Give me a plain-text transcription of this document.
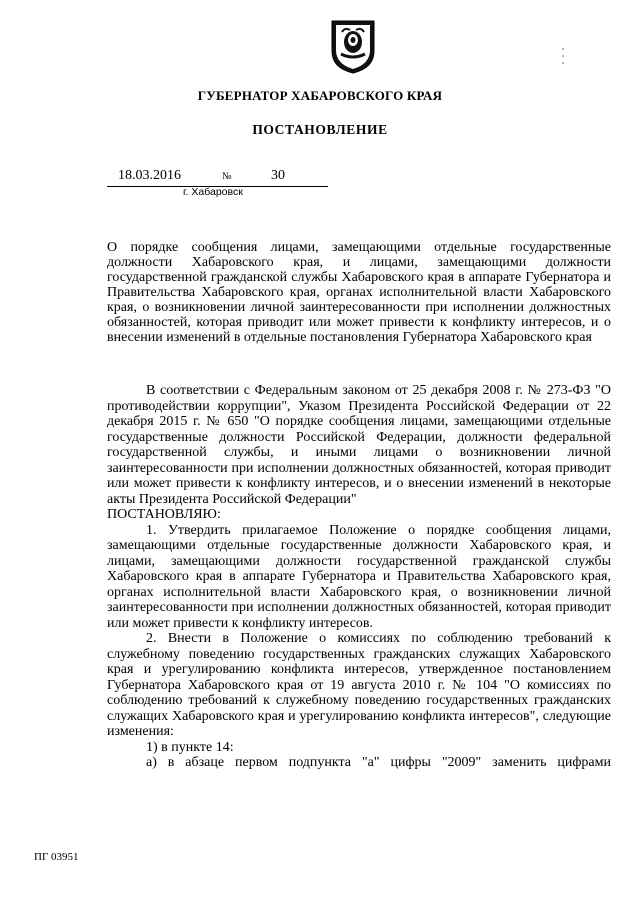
ГУБЕРНАТОР ХАБАРОВСКОГО КРАЯ
ПОСТАНОВЛЕНИЕ
18.03.2016	№	30
г. Хабаровск
О порядке сообщения лицами, замещающими отдельные государственные должности Хабаровского края, и лицами, замещающими должности государственной гражданской службы Хабаровского края в аппарате Губернатора и Правительства Хабаровского края, органах исполнительной власти Хабаровского края, о возникновении личной заинтересованности при исполнении должностных обязанностей, которая приводит или может привести к конфликту интересов, и о внесении изменений в отдельные постановления Губернатора Хабаровского края

В соответствии с Федеральным законом от 25 декабря 2008 г. № 273-ФЗ "О противодействии коррупции", Указом Президента Российской Федерации от 22 декабря 2015 г. № 650 "О порядке сообщения лицами, замещающими отдельные государственные должности Российской Федерации, должности федеральной государственной службы, и иными лицами о возникновении личной заинтересованности при исполнении должностных обязанностей, которая приводит или может привести к конфликту интересов, и о внесении изменений в некоторые акты Президента Российской Федерации"

ПОСТАНОВЛЯЮ:

1. Утвердить прилагаемое Положение о порядке сообщения лицами, замещающими отдельные государственные должности Хабаровского края, и лицами, замещающими должности государственной гражданской службы Хабаровского края в аппарате Губернатора и Правительства Хабаровского края, органах исполнительной власти Хабаровского края, о возникновении личной заинтересованности при исполнении должностных обязанностей, которая приводит или может привести к конфликту интересов.

2. Внести в Положение о комиссиях по соблюдению требований к служебному поведению государственных гражданских служащих Хабаровского края и урегулированию конфликта интересов, утвержденное постановлением Губернатора Хабаровского края от 19 августа 2010 г. № 104 "О комиссиях по соблюдению требований к служебному поведению государственных гражданских служащих Хабаровского края и урегулированию конфликта интересов", следующие изменения:

1) в пункте 14:

а) в абзаце первом подпункта "а" цифры "2009" заменить цифрами

ПГ 03951
